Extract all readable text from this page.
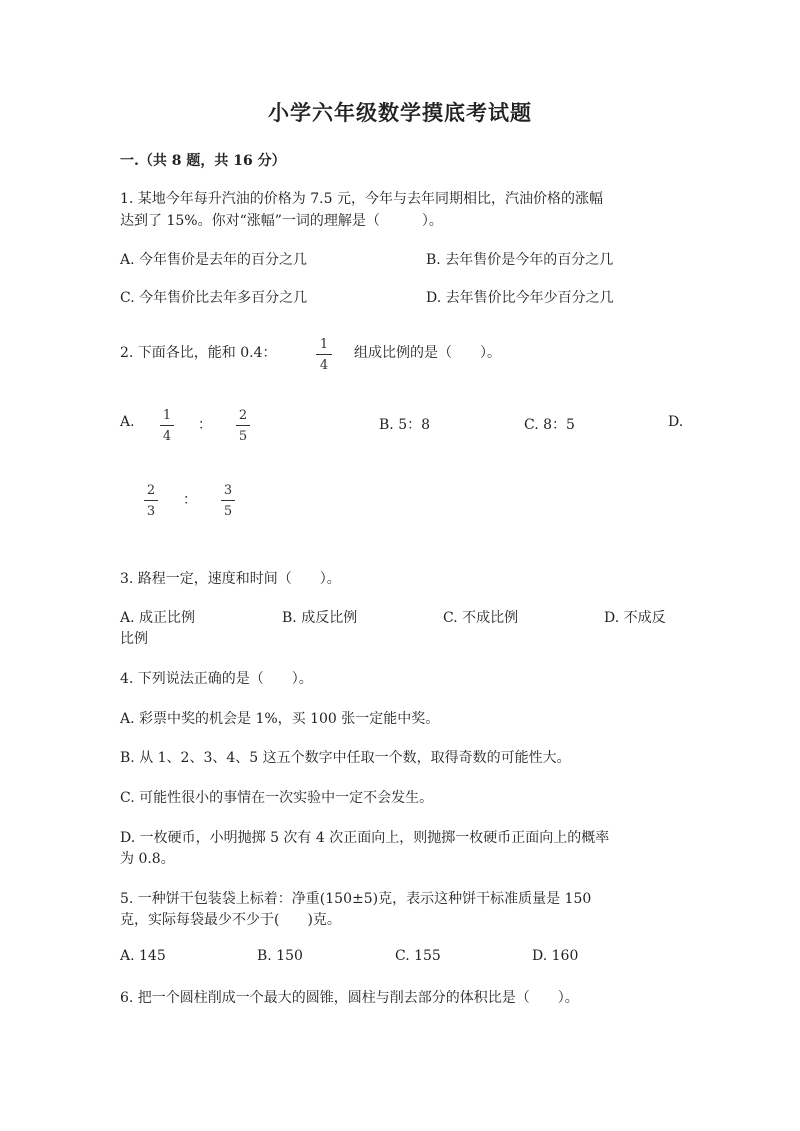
小学六年级数学摸底考试题
一.（共 8 题，共 16 分）
1. 某地今年每升汽油的价格为 7.5 元，今年与去年同期相比，汽油价格的涨幅
达到了 15%。你对“涨幅”一词的理解是（　　　）。
A. 今年售价是去年的百分之几	B. 去年售价是今年的百分之几
C. 今年售价比去年多百分之几	D. 去年售价比今年少百分之几
2. 下面各比，能和 0.4：
1
4
组成比例的是（　　）。
A. 1
4
：
2
5
B. 5：8	C. 8：5	D.
2
3
：
3
5
3. 路程一定，速度和时间（　　）。
A. 成正比例	B. 成反比例	C. 不成比例	D. 不成反
比例
4. 下列说法正确的是（　　）。
A. 彩票中奖的机会是 1%，买 100 张一定能中奖。
B. 从 1、2、3、4、5 这五个数字中任取一个数，取得奇数的可能性大。
C. 可能性很小的事情在一次实验中一定不会发生。
D. 一枚硬币，小明抛掷 5 次有 4 次正面向上，则抛掷一枚硬币正面向上的概率
为 0.8。
5. 一种饼干包装袋上标着：净重(150±5)克，表示这种饼干标准质量是 150
克，实际每袋最少不少于(　　)克。
A. 145	B. 150	C. 155	D. 160
6. 把一个圆柱削成一个最大的圆锥，圆柱与削去部分的体积比是（　　）。
